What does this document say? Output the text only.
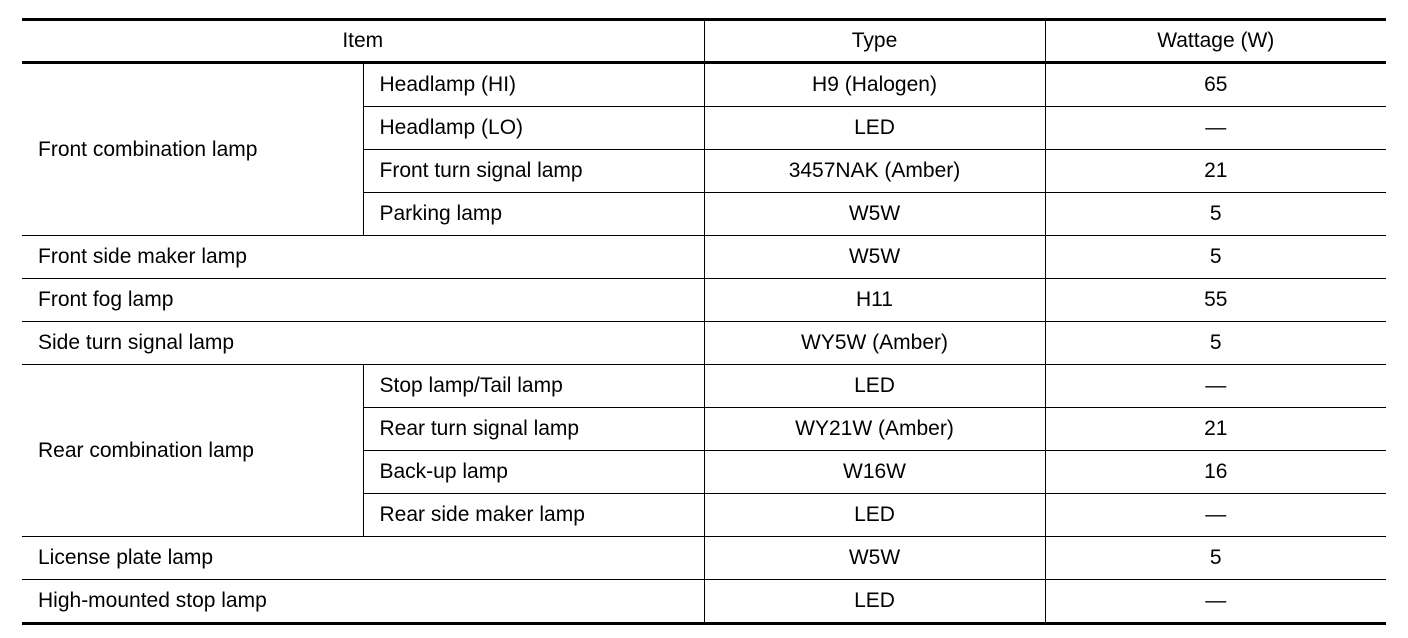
Item		Type	Wattage (W)
Front combination lamp	Headlamp (HI)	H9 (Halogen)	65
	Headlamp (LO)	LED	—
	Front turn signal lamp	3457NAK (Amber)	21
	Parking lamp	W5W	5
Front side maker lamp		W5W	5
Front fog lamp		H11	55
Side turn signal lamp		WY5W (Amber)	5
Rear combination lamp	Stop lamp/Tail lamp	LED	—
	Rear turn signal lamp	WY21W (Amber)	21
	Back-up lamp	W16W	16
	Rear side maker lamp	LED	—
License plate lamp		W5W	5
High-mounted stop lamp		LED	—
